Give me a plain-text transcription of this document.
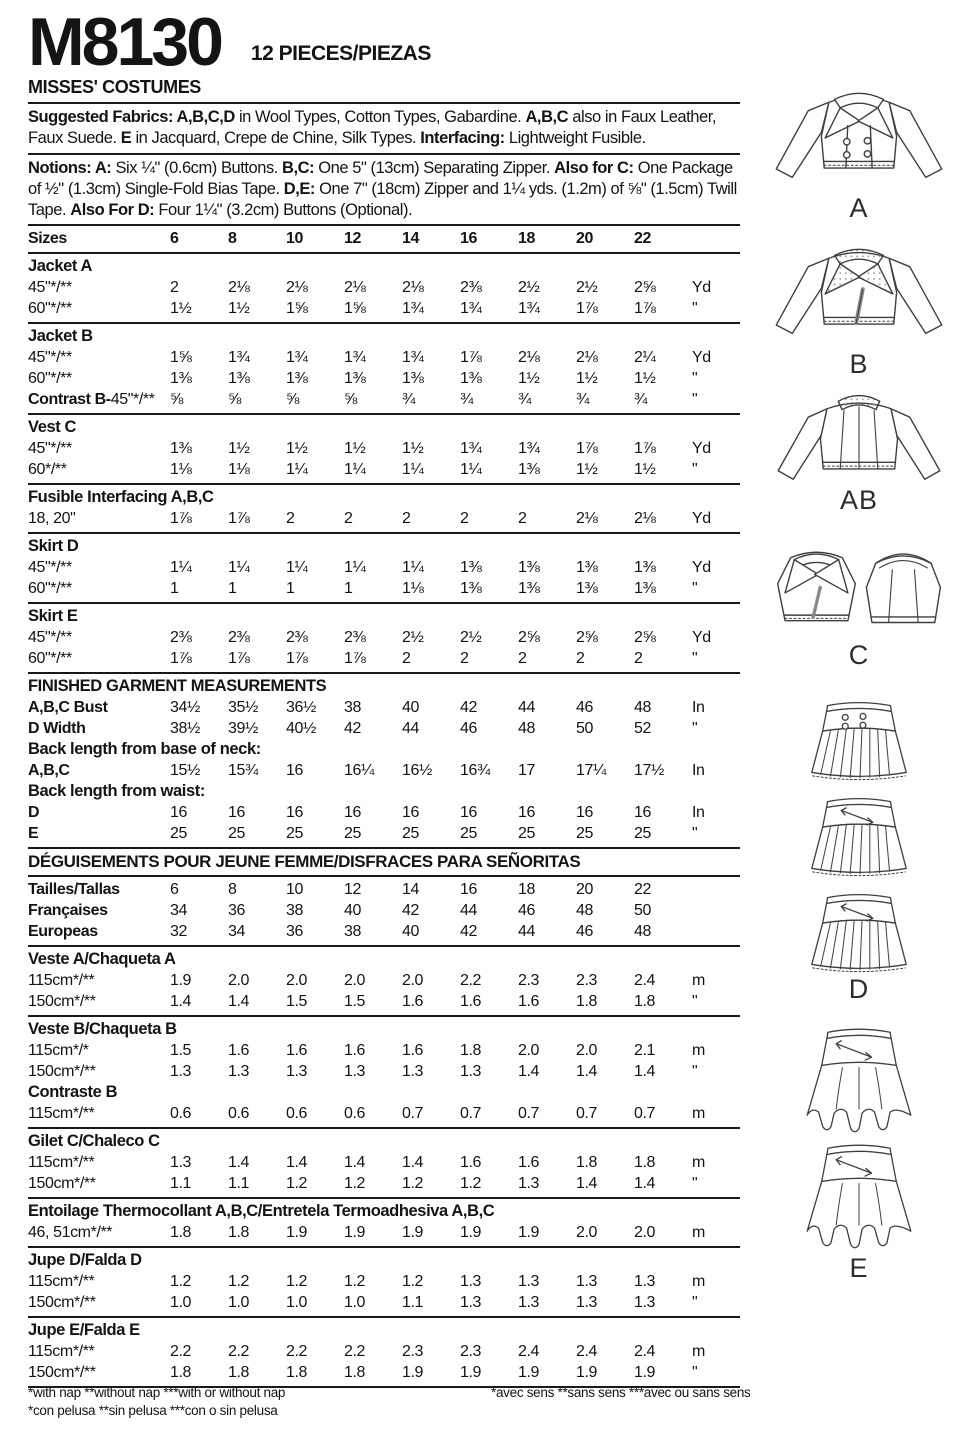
M8130	12 PIECES/PIEZAS
MISSES' COSTUMES
Suggested Fabrics: A,B,C,D in Wool Types, Cotton Types, Gabardine. A,B,C also in Faux Leather, Faux Suede. E in Jacquard, Crepe de Chine, Silk Types. Interfacing: Lightweight Fusible.
Notions: A: Six ¼" (0.6cm) Buttons. B,C: One 5" (13cm) Separating Zipper. Also for C: One Package of ½" (1.3cm) Single-Fold Bias Tape. D,E: One 7" (18cm) Zipper and 1¼ yds. (1.2m) of ⅝" (1.5cm) Twill Tape. Also For D: Four 1¼" (3.2cm) Buttons (Optional).
Sizes	6	8	10	12	14	16	18	20	22
Jacket A
45"*/**	2	2⅛	2⅛	2⅛	2⅛	2⅜	2½	2½	2⅝	Yd
60"*/**	1½	1½	1⅝	1⅝	1¾	1¾	1¾	1⅞	1⅞	"
Jacket B
45"*/**	1⅝	1¾	1¾	1¾	1¾	1⅞	2⅛	2⅛	2¼	Yd
60"*/**	1⅜	1⅜	1⅜	1⅜	1⅜	1⅜	1½	1½	1½	"
Contrast B-45"*/** ⅝	⅝	⅝	⅝	¾	¾	¾	¾	¾	"
Vest C
45"*/**	1⅜	1½	1½	1½	1½	1¾	1¾	1⅞	1⅞	Yd
60*/**	1⅛	1⅛	1¼	1¼	1¼	1¼	1⅜	1½	1½	"
Fusible Interfacing A,B,C
18, 20"	1⅞	1⅞	2	2	2	2	2	2⅛	2⅛	Yd
Skirt D
45"*/**	1¼	1¼	1¼	1¼	1¼	1⅜	1⅜	1⅜	1⅜	Yd
60"*/**	1	1	1	1	1⅛	1⅜	1⅜	1⅜	1⅜	"
Skirt E
45"*/**	2⅜	2⅜	2⅜	2⅜	2½	2½	2⅝	2⅝	2⅝	Yd
60"*/**	1⅞	1⅞	1⅞	1⅞	2	2	2	2	2	"
FINISHED GARMENT MEASUREMENTS
A,B,C Bust	34½	35½	36½	38	40	42	44	46	48	In
D Width	38½	39½	40½	42	44	46	48	50	52	"
Back length from base of neck:
A,B,C	15½	15¾	16	16¼	16½	16¾	17	17¼	17½	In
Back length from waist:
D	16	16	16	16	16	16	16	16	16	In
E	25	25	25	25	25	25	25	25	25	"
DÉGUISEMENTS POUR JEUNE FEMME/DISFRACES PARA SEÑORITAS
Tailles/Tallas	6	8	10	12	14	16	18	20	22
Françaises	34	36	38	40	42	44	46	48	50
Europeas	32	34	36	38	40	42	44	46	48
Veste A/Chaqueta A
115cm*/**	1.9	2.0	2.0	2.0	2.0	2.2	2.3	2.3	2.4	m
150cm*/**	1.4	1.4	1.5	1.5	1.6	1.6	1.6	1.8	1.8	"
Veste B/Chaqueta B
115cm*/*	1.5	1.6	1.6	1.6	1.6	1.8	2.0	2.0	2.1	m
150cm*/**	1.3	1.3	1.3	1.3	1.3	1.3	1.4	1.4	1.4	"
Contraste B
115cm*/**	0.6	0.6	0.6	0.6	0.7	0.7	0.7	0.7	0.7	m
Gilet C/Chaleco C
115cm*/**	1.3	1.4	1.4	1.4	1.4	1.6	1.6	1.8	1.8	m
150cm*/**	1.1	1.1	1.2	1.2	1.2	1.2	1.3	1.4	1.4	"
Entoilage Thermocollant A,B,C/Entretela Termoadhesiva A,B,C
46, 51cm*/**	1.8	1.8	1.9	1.9	1.9	1.9	1.9	2.0	2.0	m
Jupe D/Falda D
115cm*/**	1.2	1.2	1.2	1.2	1.2	1.3	1.3	1.3	1.3	m
150cm*/**	1.0	1.0	1.0	1.0	1.1	1.3	1.3	1.3	1.3	"
Jupe E/Falda E
115cm*/**	2.2	2.2	2.2	2.2	2.3	2.3	2.4	2.4	2.4	m
150cm*/**	1.8	1.8	1.8	1.8	1.9	1.9	1.9	1.9	1.9	"
A
B
AB
C
D
E
*with nap **without nap ***with or without nap
*con pelusa **sin pelusa ***con o sin pelusa
*avec sens **sans sens ***avec ou sans sens
